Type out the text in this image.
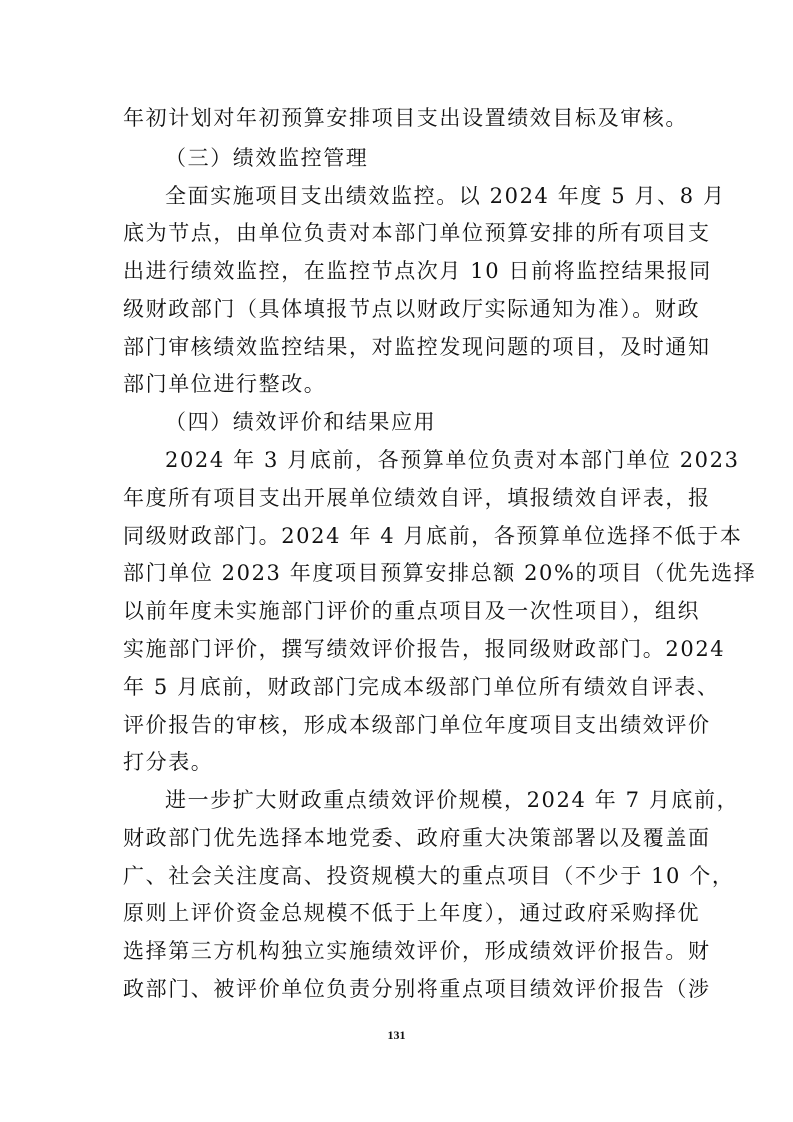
年初计划对年初预算安排项目支出设置绩效目标及审核。
（三）绩效监控管理
全面实施项目支出绩效监控。以 2024 年度 5 月、8 月
底为节点，由单位负责对本部门单位预算安排的所有项目支
出进行绩效监控，在监控节点次月 10 日前将监控结果报同
级财政部门（具体填报节点以财政厅实际通知为准）。财政
部门审核绩效监控结果，对监控发现问题的项目，及时通知
部门单位进行整改。
（四）绩效评价和结果应用
2024 年 3 月底前，各预算单位负责对本部门单位 2023
年度所有项目支出开展单位绩效自评，填报绩效自评表，报
同级财政部门。2024 年 4 月底前，各预算单位选择不低于本
部门单位 2023 年度项目预算安排总额 20%的项目（优先选择
以前年度未实施部门评价的重点项目及一次性项目），组织
实施部门评价，撰写绩效评价报告，报同级财政部门。2024
年 5 月底前，财政部门完成本级部门单位所有绩效自评表、
评价报告的审核，形成本级部门单位年度项目支出绩效评价
打分表。
进一步扩大财政重点绩效评价规模，2024 年 7 月底前，
财政部门优先选择本地党委、政府重大决策部署以及覆盖面
广、社会关注度高、投资规模大的重点项目（不少于 10 个，
原则上评价资金总规模不低于上年度），通过政府采购择优
选择第三方机构独立实施绩效评价，形成绩效评价报告。财
政部门、被评价单位负责分别将重点项目绩效评价报告（涉
131
